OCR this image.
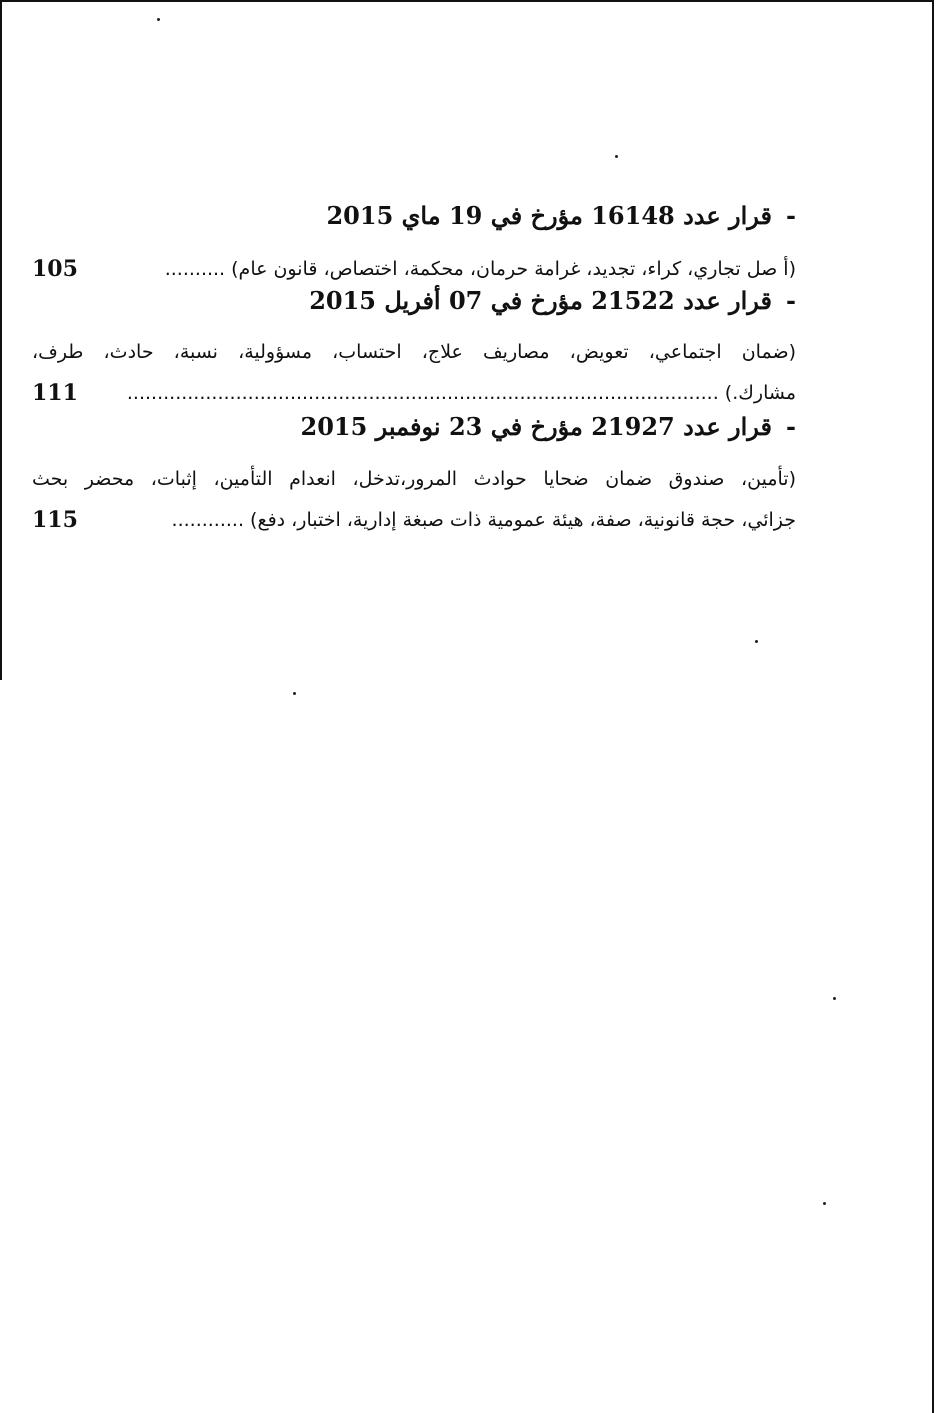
-قرار عدد 16148 مؤرخ في 19 ماي 2015
(أ صل تجاري، كراء، تجديد، غرامة حرمان، محكمة، اختصاص، قانون عام) ..........
105
-قرار عدد 21522 مؤرخ في 07 أفريل 2015
(ضمان اجتماعي، تعويض، مصاريف علاج، احتساب، مسؤولية، نسبة، حادث، طرف،
مشارك.) ..................................................................................................
111
-قرار عدد 21927 مؤرخ في 23 نوفمبر 2015
(تأمين، صندوق ضمان ضحايا حوادث المرور،تدخل، انعدام التأمين، إثبات، محضر بحث
جزائي، حجة قانونية، صفة، هيئة عمومية ذات صبغة إدارية، اختبار، دفع) ............
115
